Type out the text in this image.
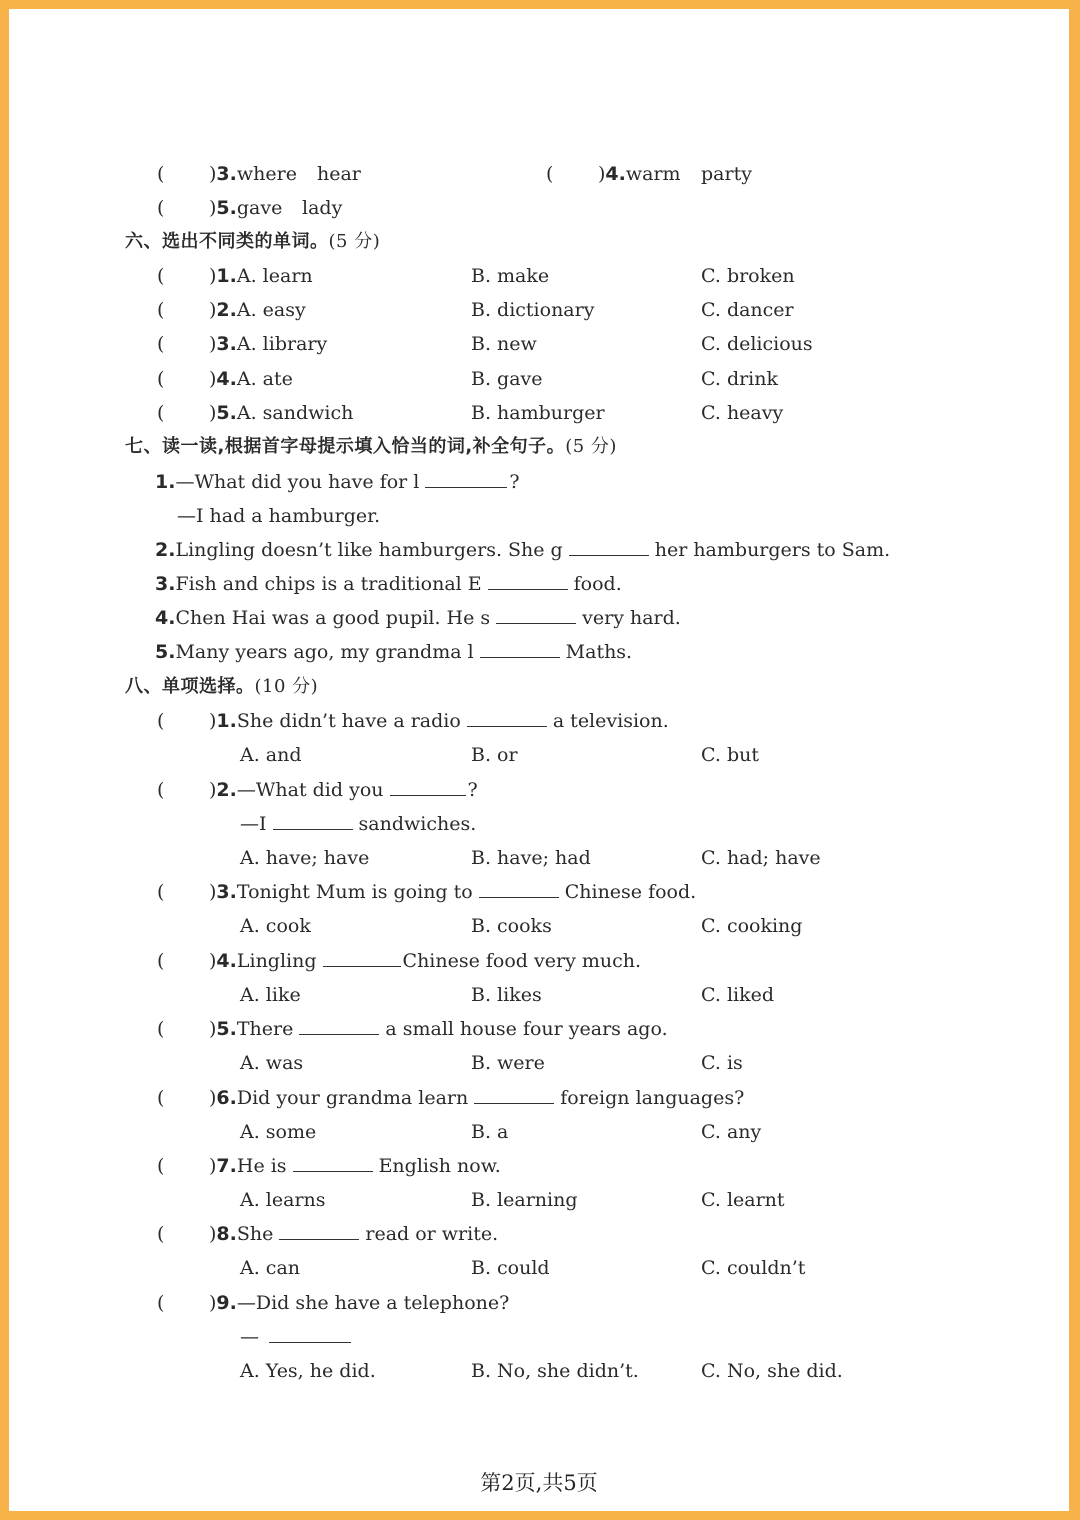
( )3.where hear	( )4.warm party
( )5.gave lady
六、选出不同类的单词。(5 分)
( )1.A. learn	B. make	C. broken
( )2.A. easy	B. dictionary	C. dancer
( )3.A. library	B. new	C. delicious
( )4.A. ate	B. gave	C. drink
( )5.A. sandwich	B. hamburger	C. heavy
七、读一读,根据首字母提示填入恰当的词,补全句子。(5 分)
1.—What did you have for l	?
—I had a hamburger.
2.Lingling doesn’t like hamburgers. She g	her hamburgers to Sam.
3.Fish and chips is a traditional E	food.
4.Chen Hai was a good pupil. He s	very hard.
5.Many years ago, my grandma l	Maths.
八、单项选择。(10 分)
( )1.She didn’t have a radio	a television.
A. and	B. or	C. but
( )2.—What did you	?
—I	sandwiches.
A. have; have	B. have; had	C. had; have
( )3.Tonight Mum is going to	Chinese food.
A. cook	B. cooks	C. cooking
( )4.Lingling	Chinese food very much.
A. like	B. likes	C. liked
( )5.There	a small house four years ago.
A. was	B. were	C. is
( )6.Did your grandma learn	foreign languages?
A. some	B. a	C. any
( )7.He is	English now.
A. learns	B. learning	C. learnt
( )8.She	read or write.
A. can	B. could	C. couldn’t
( )9.—Did she have a telephone?
—
A. Yes, he did.	B. No, she didn’t.	C. No, she did.
第2页,共5页
